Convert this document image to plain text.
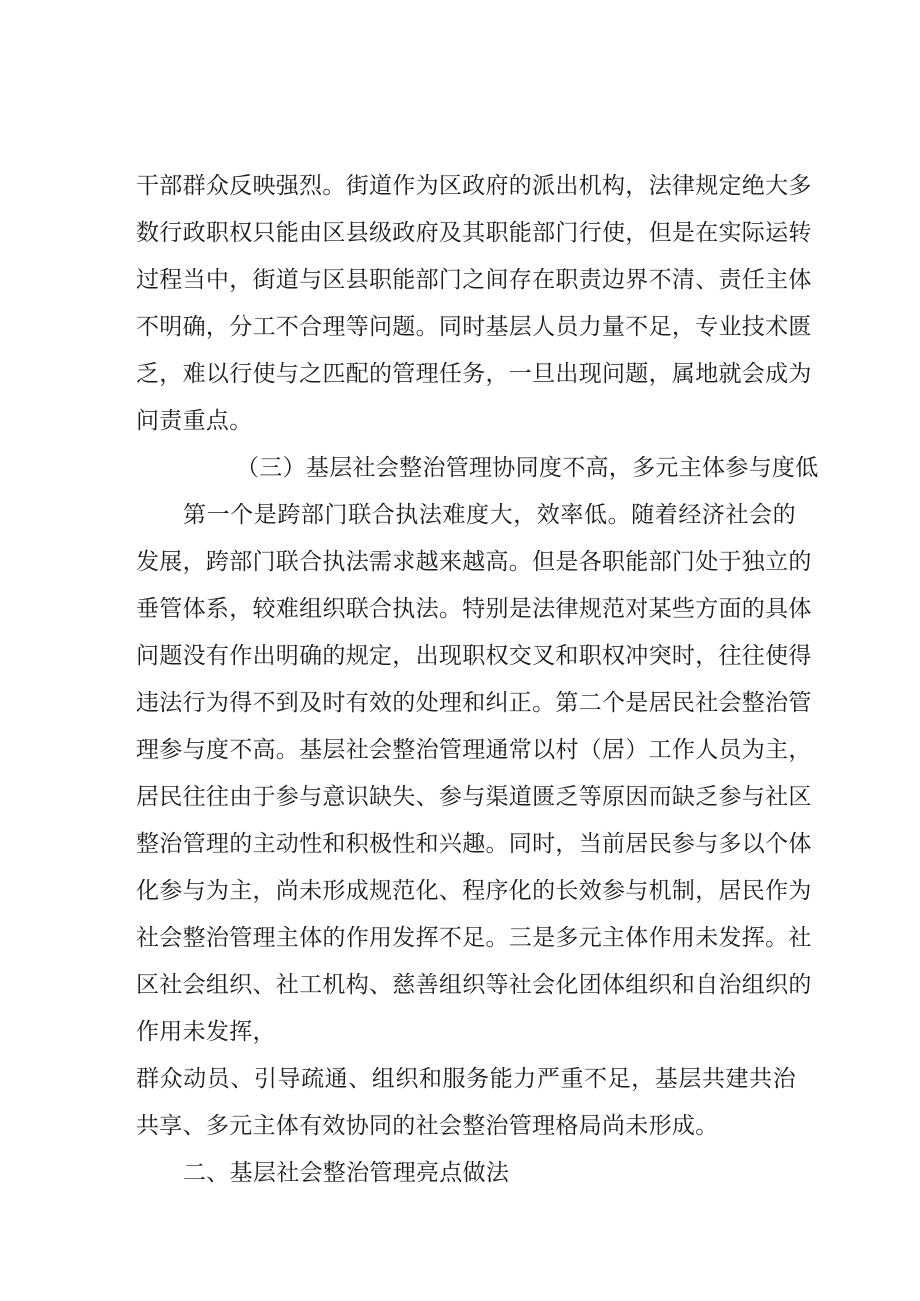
干部群众反映强烈。街道作为区政府的派出机构，法律规定绝大多
数行政职权只能由区县级政府及其职能部门行使，但是在实际运转
过程当中，街道与区县职能部门之间存在职责边界不清、责任主体
不明确，分工不合理等问题。同时基层人员力量不足，专业技术匮
乏，难以行使与之匹配的管理任务，一旦出现问题，属地就会成为
问责重点。
（三）基层社会整治管理协同度不高，多元主体参与度低
第一个是跨部门联合执法难度大，效率低。随着经济社会的
发展，跨部门联合执法需求越来越高。但是各职能部门处于独立的
垂管体系，较难组织联合执法。特别是法律规范对某些方面的具体
问题没有作出明确的规定，出现职权交叉和职权冲突时，往往使得
违法行为得不到及时有效的处理和纠正。第二个是居民社会整治管
理参与度不高。基层社会整治管理通常以村（居）工作人员为主，
居民往往由于参与意识缺失、参与渠道匮乏等原因而缺乏参与社区
整治管理的主动性和积极性和兴趣。同时，当前居民参与多以个体
化参与为主，尚未形成规范化、程序化的长效参与机制，居民作为
社会整治管理主体的作用发挥不足。三是多元主体作用未发挥。社
区社会组织、社工机构、慈善组织等社会化团体组织和自治组织的
作用未发挥，
群众动员、引导疏通、组织和服务能力严重不足，基层共建共治
共享、多元主体有效协同的社会整治管理格局尚未形成。
二、基层社会整治管理亮点做法
